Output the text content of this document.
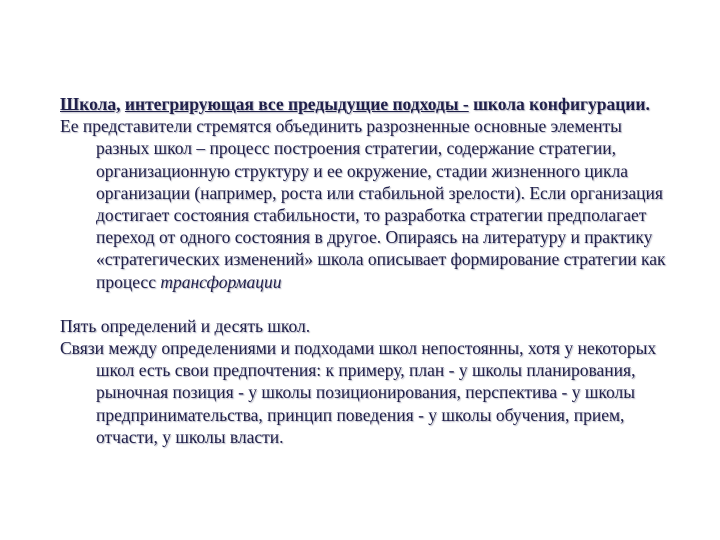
Школа, интегрирующая все предыдущие подходы - школа конфигурации.

Ее представители стремятся объединить разрозненные основные элементы разных школ – процесс построения стратегии, содержание стратегии, организационную структуру и ее окружение, стадии жизненного цикла организации (например, роста или стабильной зрелости). Если организация достигает состояния стабильности, то разработка стратегии предполагает переход от одного состояния в другое. Опираясь на литературу и практику «стратегических изменений» школа описывает формирование стратегии как процесс трансформации

Пять определений и десять школ.

Связи между определениями и подходами школ непостоянны, хотя у некоторых школ есть свои предпочтения: к примеру, план - у школы планирования, рыночная позиция - у школы позиционирования, перспектива - у школы предпринимательства, принцип поведения - у школы обучения, прием, отчасти, у школы власти.
